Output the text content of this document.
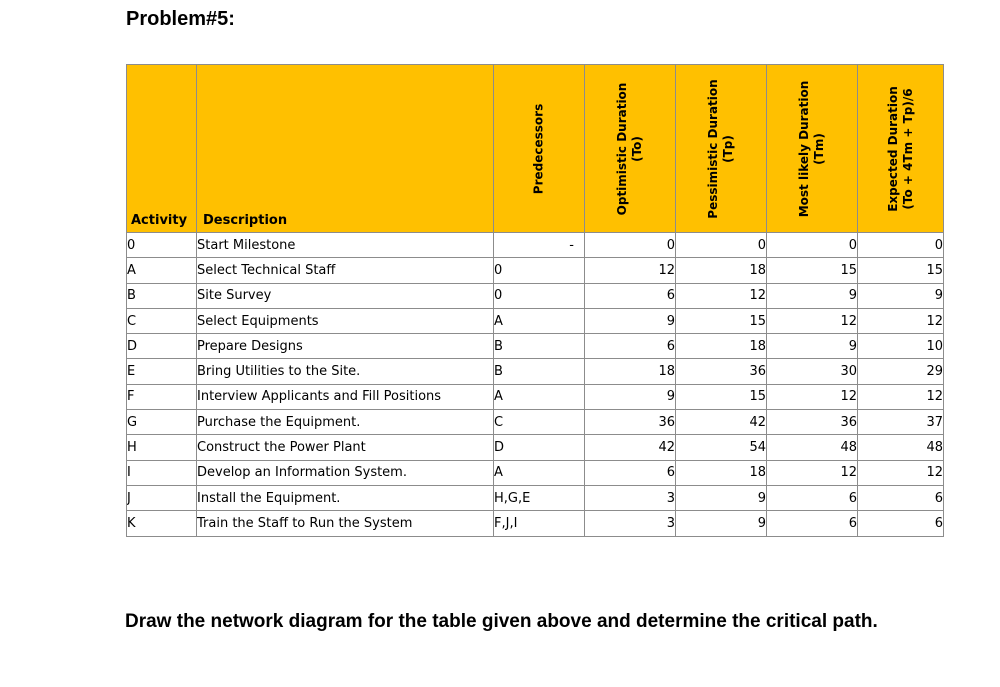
Problem#5:
Activity	Description	Predecessors	Optimistic Duration (To)	Pessimistic Duration (Tp)	Most likely Duration (Tm)	Expected Duration (To + 4Tm + Tp)/6

0	Start Milestone	-	0	0	0	0
A	Select Technical Staff	0	12	18	15	15
B	Site Survey	0	6	12	9	9
C	Select Equipments	A	9	15	12	12
D	Prepare Designs	B	6	18	9	10
E	Bring Utilities to the Site.	B	18	36	30	29
F	Interview Applicants and Fill Positions	A	9	15	12	12
G	Purchase the Equipment.	C	36	42	36	37
H	Construct the Power Plant	D	42	54	48	48
I	Develop an Information System.	A	6	18	12	12
J	Install the Equipment.	H,G,E	3	9	6	6
K	Train the Staff to Run the System	F,J,I	3	9	6	6
Draw the network diagram for the table given above and determine the critical path.
